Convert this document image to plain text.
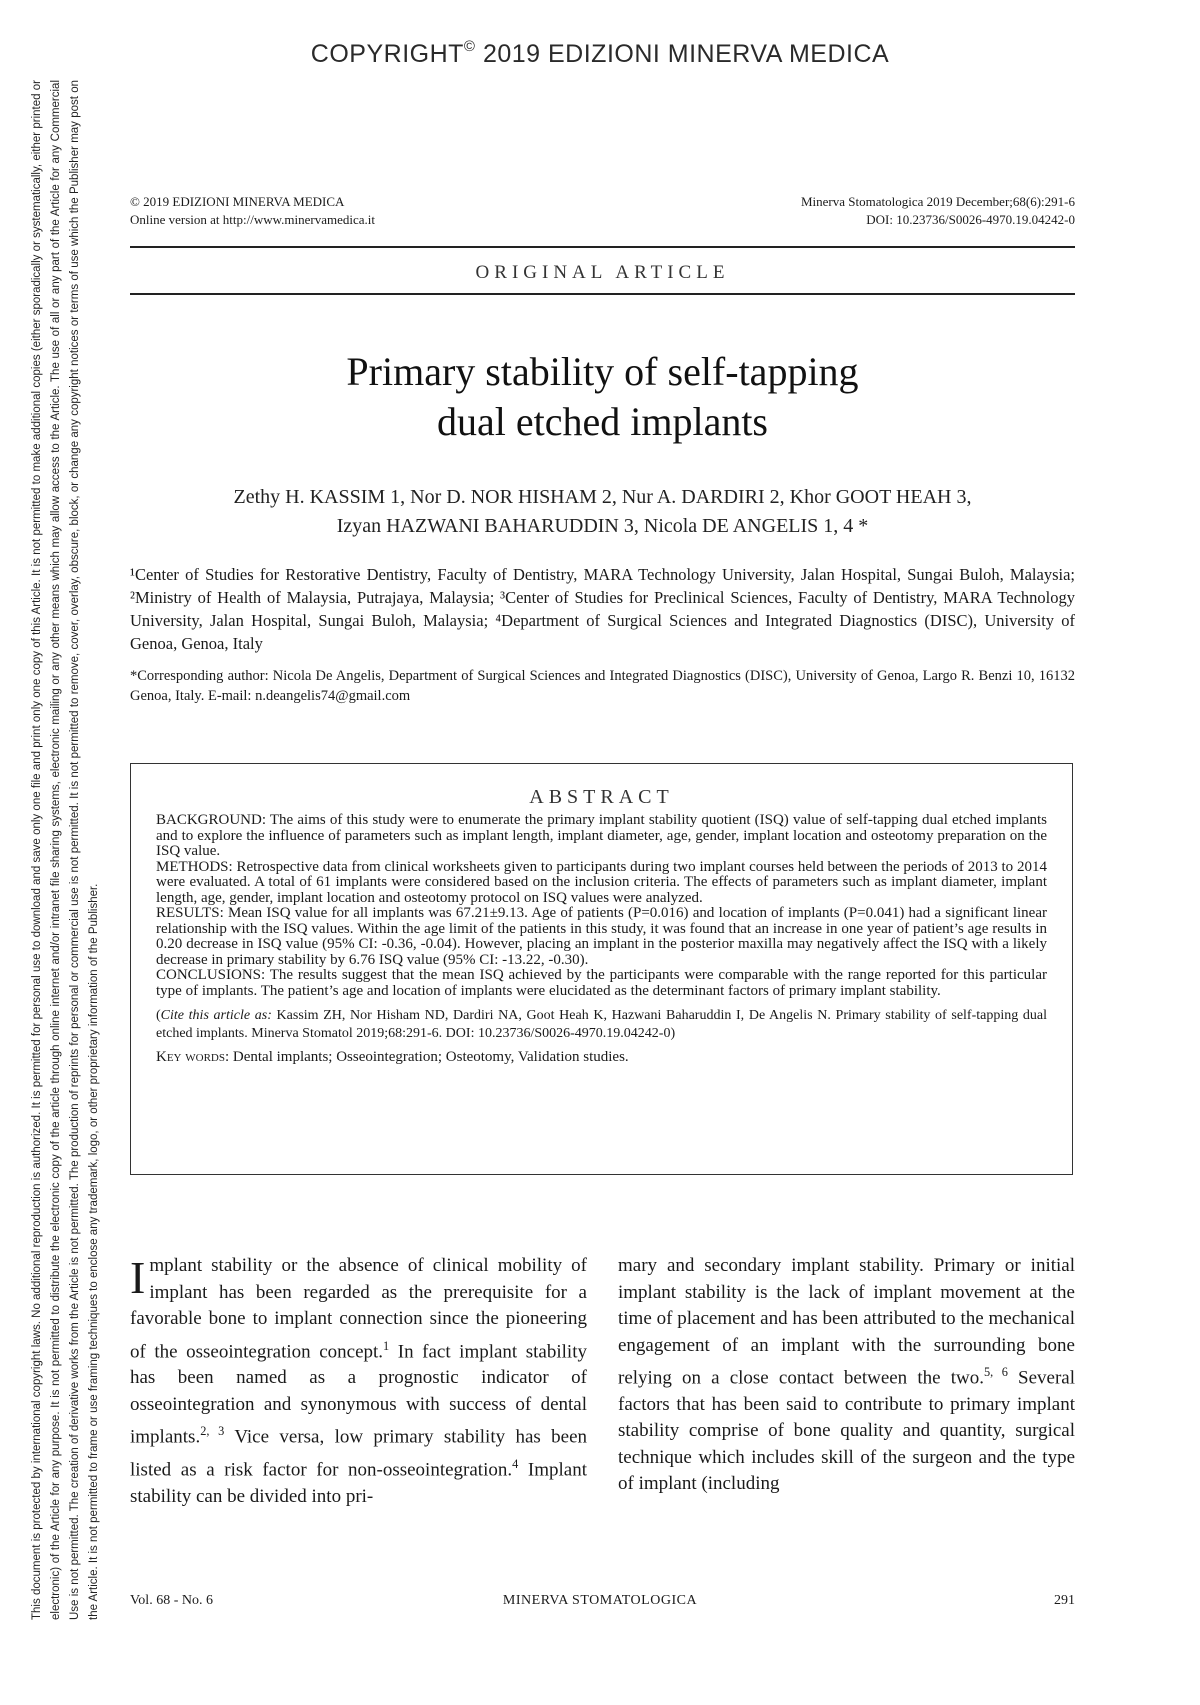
COPYRIGHT© 2019 EDIZIONI MINERVA MEDICA
This document is protected by international copyright laws. No additional reproduction is authorized. It is permitted for personal use to download and save only one file and print only one copy of this Article. It is not permitted to make additional copies (either sporadically or systematically, either printed or electronic) of the Article for any purpose. It is not permitted to distribute the electronic copy of the article through online internet and/or intranet file sharing systems, electronic mailing or any other means which may allow access to the Article. The use of all or any part of the Article for any Commercial Use is not permitted. The creation of derivative works from the Article is not permitted. The production of reprints for personal or commercial use is not permitted. It is not permitted to remove, cover, overlay, obscure, block, or change any copyright notices or terms of use which the Publisher may post on the Article. It is not permitted to frame or use framing techniques to enclose any trademark, logo, or other proprietary information of the Publisher.
© 2019 EDIZIONI MINERVA MEDICA
Online version at http://www.minervamedica.it
Minerva Stomatologica 2019 December;68(6):291-6
DOI: 10.23736/S0026-4970.19.04242-0
ORIGINAL ARTICLE
Primary stability of self-tapping
dual etched implants
Zethy H. KASSIM 1, Nor D. NOR HISHAM 2, Nur A. DARDIRI 2, Khor GOOT HEAH 3,
Izyan HAZWANI BAHARUDDIN 3, Nicola DE ANGELIS 1, 4 *
¹Center of Studies for Restorative Dentistry, Faculty of Dentistry, MARA Technology University, Jalan Hospital, Sungai Buloh, Malaysia; ²Ministry of Health of Malaysia, Putrajaya, Malaysia; ³Center of Studies for Preclinical Sciences, Faculty of Dentistry, MARA Technology University, Jalan Hospital, Sungai Buloh, Malaysia; ⁴Department of Surgical Sciences and Integrated Diagnostics (DISC), University of Genoa, Genoa, Italy
*Corresponding author: Nicola De Angelis, Department of Surgical Sciences and Integrated Diagnostics (DISC), University of Genoa, Largo R. Benzi 10, 16132 Genoa, Italy. E-mail: n.deangelis74@gmail.com
ABSTRACT

BACKGROUND: The aims of this study were to enumerate the primary implant stability quotient (ISQ) value of self-tapping dual etched implants and to explore the influence of parameters such as implant length, implant diameter, age, gender, implant location and osteotomy preparation on the ISQ value.

METHODS: Retrospective data from clinical worksheets given to participants during two implant courses held between the periods of 2013 to 2014 were evaluated. A total of 61 implants were considered based on the inclusion criteria. The effects of parameters such as implant diameter, implant length, age, gender, implant location and osteotomy protocol on ISQ values were analyzed.

RESULTS: Mean ISQ value for all implants was 67.21±9.13. Age of patients (P=0.016) and location of implants (P=0.041) had a significant linear relationship with the ISQ values. Within the age limit of the patients in this study, it was found that an increase in one year of patient’s age results in 0.20 decrease in ISQ value (95% CI: -0.36, -0.04). However, placing an implant in the posterior maxilla may negatively affect the ISQ with a likely decrease in primary stability by 6.76 ISQ value (95% CI: -13.22, -0.30).

CONCLUSIONS: The results suggest that the mean ISQ achieved by the participants were comparable with the range reported for this particular type of implants. The patient’s age and location of implants were elucidated as the determinant factors of primary implant stability.

(Cite this article as: Kassim ZH, Nor Hisham ND, Dardiri NA, Goot Heah K, Hazwani Baharuddin I, De Angelis N. Primary stability of self-tapping dual etched implants. Minerva Stomatol 2019;68:291-6. DOI: 10.23736/S0026-4970.19.04242-0)

Key words: Dental implants; Osseointegration; Osteotomy, Validation studies.

Implant stability or the absence of clinical mobility of implant has been regarded as the prerequisite for a favorable bone to implant connection since the pioneering of the osseointegration concept.$^1$ In fact implant stability has been named as a prognostic indicator of osseointegration and synonymous with success of dental implants.$^{2, 3}$ Vice versa, low primary stability has been listed as a risk factor for non-osseointegration.$^4$ Implant stability can be divided into pri-
mary and secondary implant stability. Primary or initial implant stability is the lack of implant movement at the time of placement and has been attributed to the mechanical engagement of an implant with the surrounding bone relying on a close contact between the two.$^{5, 6}$ Several factors that has been said to contribute to primary implant stability comprise of bone quality and quantity, surgical technique which includes skill of the surgeon and the type of implant (including
Vol. 68 - No. 6	MINERVA STOMATOLOGICA	291
